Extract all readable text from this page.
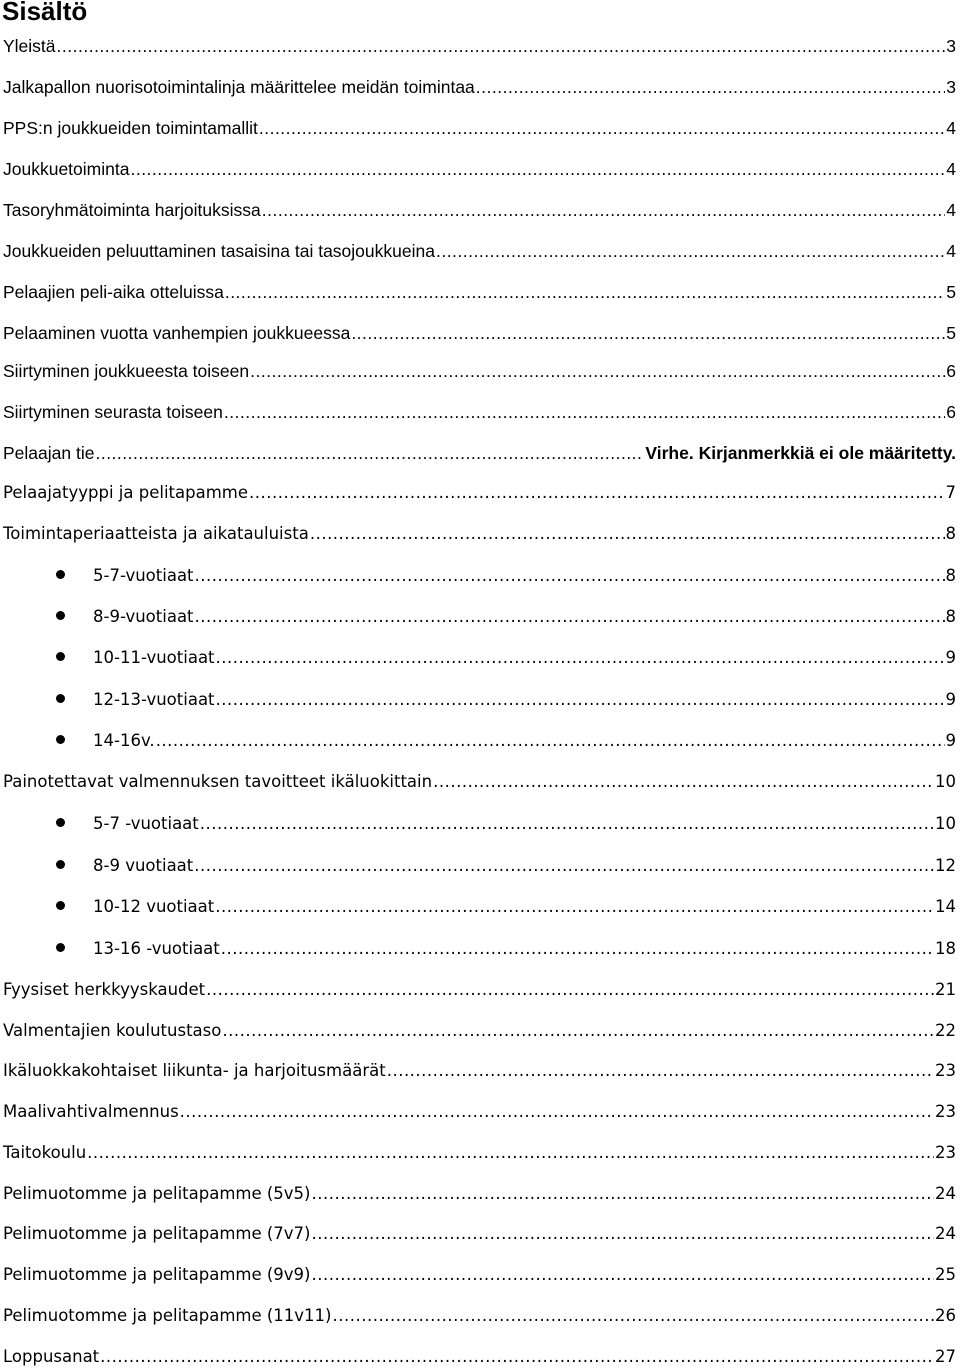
Sisältö
Yleistä .....	3
Jalkapallon nuorisotoimintalinja määrittelee meidän toimintaa .....	3
PPS:n joukkueiden toimintamallit .....	4
Joukkuetoiminta .....	4
Tasoryhmätoiminta harjoituksissa .....	4
Joukkueiden peluuttaminen tasaisina tai tasojoukkueina .....	4
Pelaajien peli-aika otteluissa .....	5
Pelaaminen vuotta vanhempien joukkueessa .....	5
Siirtyminen joukkueesta toiseen .....	6
Siirtyminen seurasta toiseen .....	6
Pelaajan tie .....	Virhe. Kirjanmerkkiä ei ole määritetty.
Pelaajatyyppi ja pelitapamme .....	7
Toimintaperiaatteista ja aikatauluista .....	8
5-7-vuotiaat .....	8
8-9-vuotiaat .....	8
10-11-vuotiaat .....	9
12-13-vuotiaat .....	9
14-16v. .....	9
Painotettavat valmennuksen tavoitteet ikäluokittain .....	10
5-7 -vuotiaat .....	10
8-9 vuotiaat .....	12
10-12 vuotiaat .....	14
13-16 -vuotiaat .....	18
Fyysiset herkkyyskaudet .....	21
Valmentajien koulutustaso .....	22
Ikäluokkakohtaiset liikunta- ja harjoitusmäärät .....	23
Maalivahtivalmennus .....	23
Taitokoulu .....	23
Pelimuotomme ja pelitapamme (5v5) .....	24
Pelimuotomme ja pelitapamme (7v7) .....	24
Pelimuotomme ja pelitapamme (9v9) .....	25
Pelimuotomme ja pelitapamme (11v11) .....	26
Loppusanat .....	27
